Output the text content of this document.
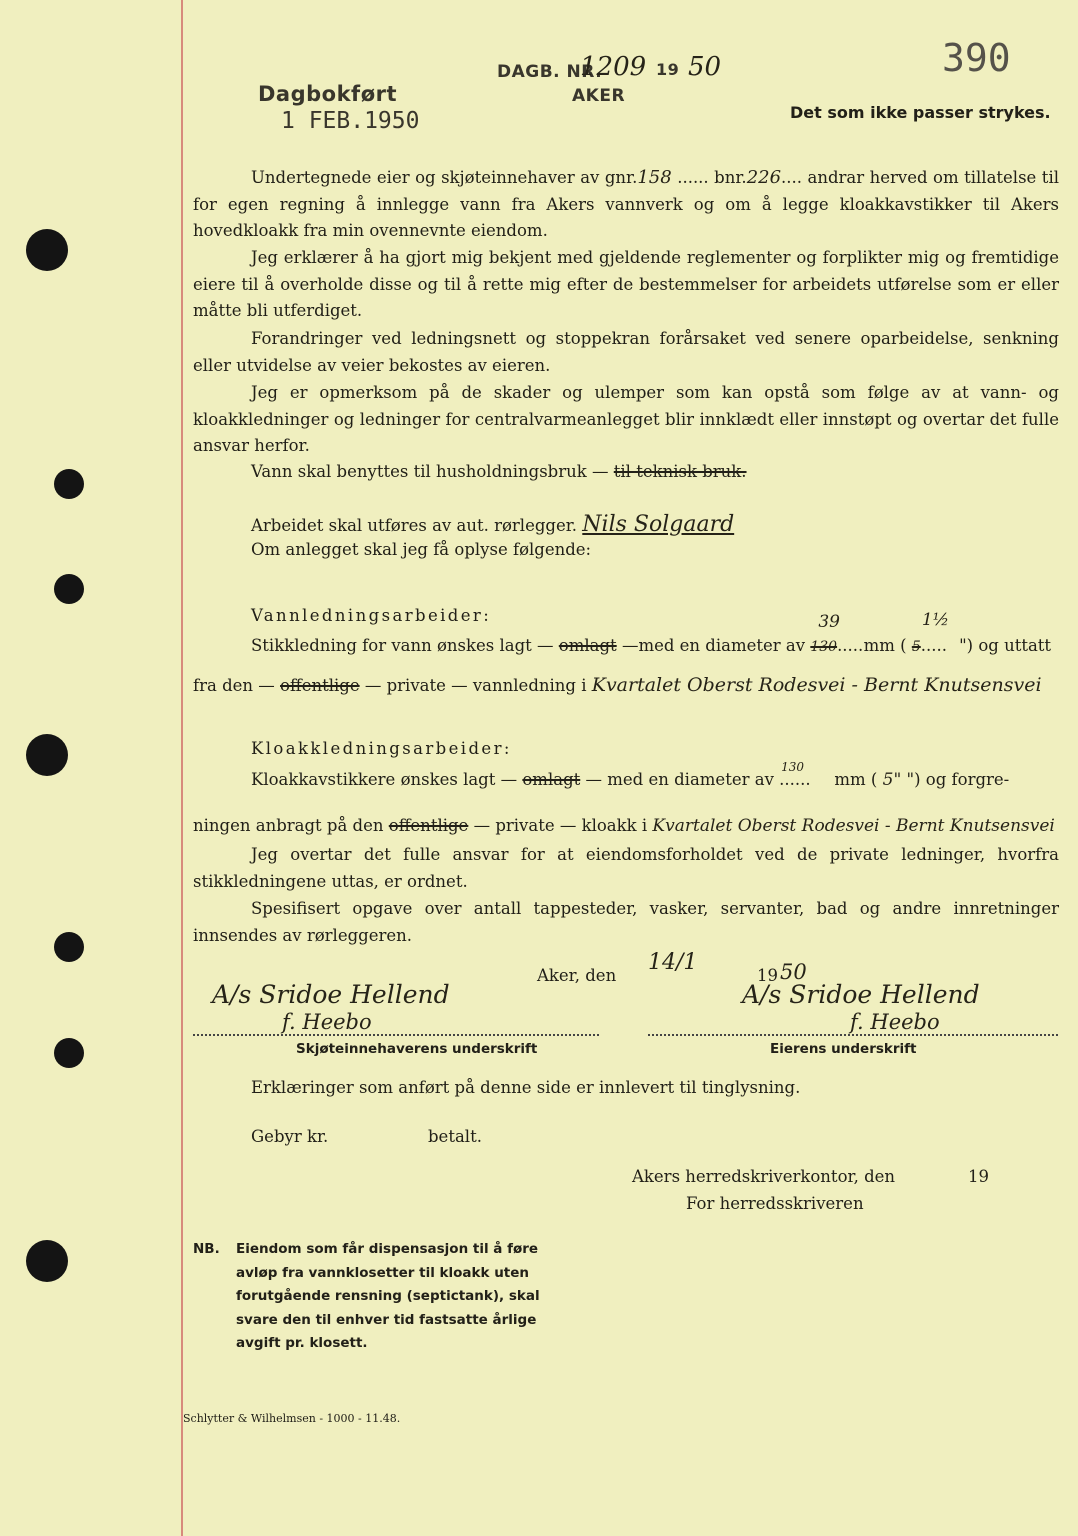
Dagbokført
1 FEB.1950
DAGB. NR.
1209 19 50
AKER
390
Det som ikke passer strykes.
Undertegnede eier og skjøteinnehaver av gnr.158 ...... bnr.226.... andrar herved om tillatelse til for egen regning å innlegge vann fra Akers vannverk og om å legge kloakkavstikker til Akers hovedkloakk fra min ovennevnte eiendom.
Jeg erklærer å ha gjort mig bekjent med gjeldende reglementer og forplikter mig og fremtidige eiere til å overholde disse og til å rette mig efter de bestemmelser for arbeidets utførelse som er eller måtte bli utferdiget.
Forandringer ved ledningsnett og stoppekran forårsaket ved senere oparbeidelse, senkning eller utvidelse av veier bekostes av eieren.
Jeg er opmerksom på de skader og ulemper som kan opstå som følge av at vann- og kloakkledninger og ledninger for centralvarmeanlegget blir innklædt eller innstøpt og overtar det fulle ansvar herfor.
Vann skal benyttes til husholdningsbruk — til teknisk bruk.
Arbeidet skal utføres av aut. rørlegger. Nils Solgaard
Om anlegget skal jeg få oplyse følgende:
Vannledningsarbeider:
Stikkledning for vann ønskes lagt — omlagt —med en diameter av
39
130..... mm (
1½
5..... ") og uttatt
fra den — offentlige — private — vannledning i Kvartalet Oberst Rodesvei - Bernt Knutsensvei
Kloakkledningsarbeider:
Kloakkavstikkere ønskes lagt — omlagt — med en diameter av
130
...... mm ( 5" ") og forgre-
ningen anbragt på den offentlige — private — kloakk i Kvartalet Oberst Rodesvei - Bernt Knutsensvei
Jeg overtar det fulle ansvar for at eiendomsforholdet ved de private ledninger, hvorfra stikkledningene uttas, er ordnet.
Spesifisert opgave over antall tappesteder, vasker, servanter, bad og andre innretninger innsendes av rørleggeren.
Aker, den
14/1
19 50
A/s Sridoe Hellend
f. Heebo
Skjøteinnehaverens underskrift
A/s Sridoe Hellend
f. Heebo
Eierens underskrift
Erklæringer som anført på denne side er innlevert til tinglysning.
Gebyr kr.	betalt.
Akers herredskriverkontor, den	19
For herredsskriveren
NB. Eiendom som får dispensasjon til å føre avløp fra vannklosetter til kloakk uten forutgående rensning (septictank), skal svare den til enhver tid fastsatte årlige avgift pr. klosett.
Schlytter & Wilhelmsen - 1000 - 11.48.
